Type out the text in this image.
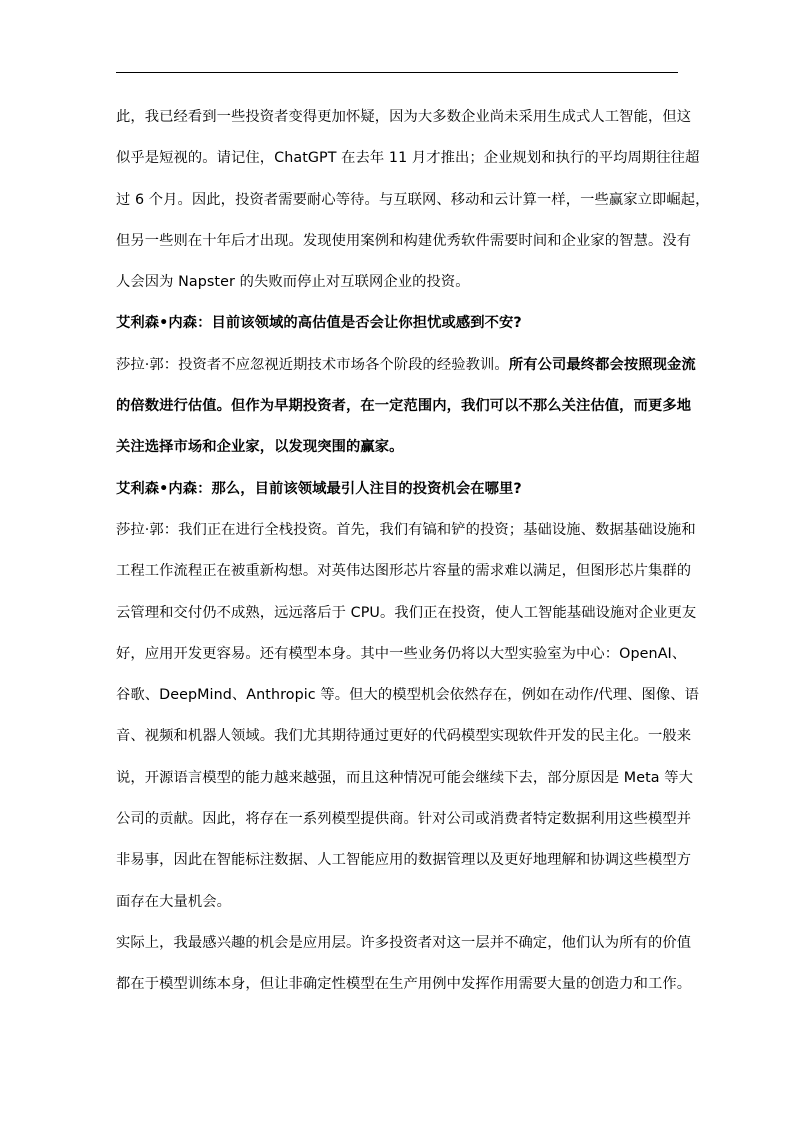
此，我已经看到一些投资者变得更加怀疑，因为大多数企业尚未采用生成式人工智能，但这
似乎是短视的。请记住，ChatGPT 在去年 11 月才推出；企业规划和执行的平均周期往往超
过 6 个月。因此，投资者需要耐心等待。与互联网、移动和云计算一样，一些赢家立即崛起，
但另一些则在十年后才出现。发现使用案例和构建优秀软件需要时间和企业家的智慧。没有
人会因为 Napster 的失败而停止对互联网企业的投资。
艾利森•内森：目前该领域的高估值是否会让你担忧或感到不安?
莎拉·郭：投资者不应忽视近期技术市场各个阶段的经验教训。所有公司最终都会按照现金流
的倍数进行估值。但作为早期投资者，在一定范围内，我们可以不那么关注估值，而更多地
关注选择市场和企业家，以发现突围的赢家。
艾利森•内森：那么，目前该领域最引人注目的投资机会在哪里?
莎拉·郭：我们正在进行全栈投资。首先，我们有镐和铲的投资；基础设施、数据基础设施和
工程工作流程正在被重新构想。对英伟达图形芯片容量的需求难以满足，但图形芯片集群的
云管理和交付仍不成熟，远远落后于 CPU。我们正在投资，使人工智能基础设施对企业更友
好，应用开发更容易。还有模型本身。其中一些业务仍将以大型实验室为中心：OpenAI、
谷歌、DeepMind、Anthropic 等。但大的模型机会依然存在，例如在动作/代理、图像、语
音、视频和机器人领域。我们尤其期待通过更好的代码模型实现软件开发的民主化。一般来
说，开源语言模型的能力越来越强，而且这种情况可能会继续下去，部分原因是 Meta 等大
公司的贡献。因此，将存在一系列模型提供商。针对公司或消费者特定数据利用这些模型并
非易事，因此在智能标注数据、人工智能应用的数据管理以及更好地理解和协调这些模型方
面存在大量机会。
实际上，我最感兴趣的机会是应用层。许多投资者对这一层并不确定，他们认为所有的价值
都在于模型训练本身，但让非确定性模型在生产用例中发挥作用需要大量的创造力和工作。
